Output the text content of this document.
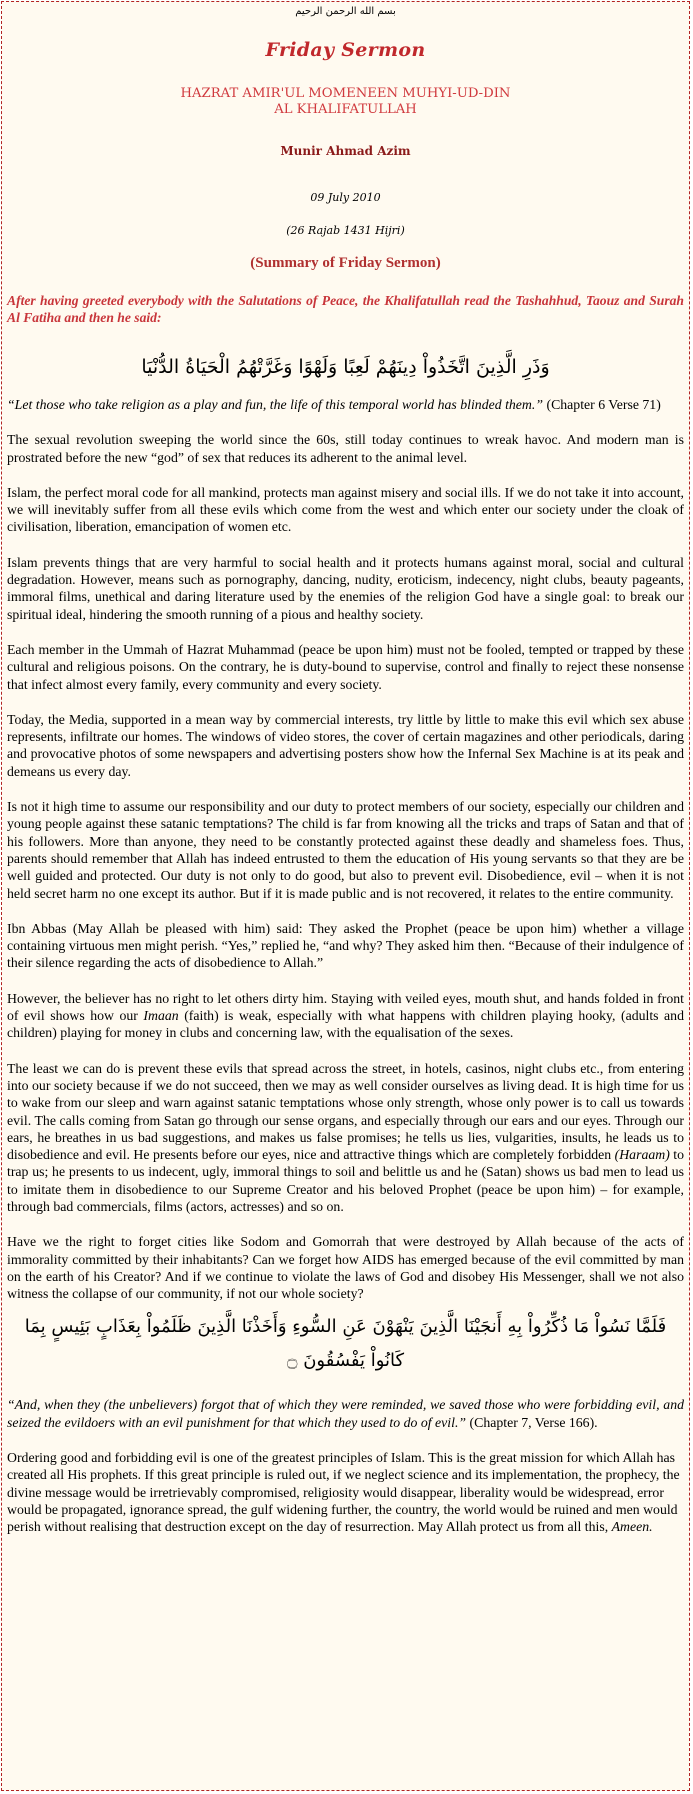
بسم الله الرحمن الرحيم
Friday Sermon
HAZRAT AMIR'UL MOMENEEN MUHYI-UD-DIN
AL KHALIFATULLAH
Munir Ahmad Azim
09 July 2010
(26 Rajab 1431 Hijri)
(Summary of Friday Sermon)
After having greeted everybody with the Salutations of Peace, the Khalifatullah read the Tashahhud, Taouz and Surah Al Fatiha and then he said:
وَذَرِ الَّذِينَ اتَّخَذُواْ دِينَهُمْ لَعِبًا وَلَهْوًا وَغَرَّتْهُمُ الْحَيَاةُ الدُّنْيَا
“Let those who take religion as a play and fun, the life of this temporal world has blinded them.” (Chapter 6 Verse 71)
The sexual revolution sweeping the world since the 60s, still today continues to wreak havoc. And modern man is prostrated before the new “god” of sex that reduces its adherent to the animal level.
Islam, the perfect moral code for all mankind, protects man against misery and social ills. If we do not take it into account, we will inevitably suffer from all these evils which come from the west and which enter our society under the cloak of civilisation, liberation, emancipation of women etc.
Islam prevents things that are very harmful to social health and it protects humans against moral, social and cultural degradation. However, means such as pornography, dancing, nudity, eroticism, indecency, night clubs, beauty pageants, immoral films, unethical and daring literature used by the enemies of the religion God have a single goal: to break our spiritual ideal, hindering the smooth running of a pious and healthy society.
Each member in the Ummah of Hazrat Muhammad (peace be upon him) must not be fooled, tempted or trapped by these cultural and religious poisons. On the contrary, he is duty-bound to supervise, control and finally to reject these nonsense that infect almost every family, every community and every society.
Today, the Media, supported in a mean way by commercial interests, try little by little to make this evil which sex abuse represents, infiltrate our homes. The windows of video stores, the cover of certain magazines and other periodicals, daring and provocative photos of some newspapers and advertising posters show how the Infernal Sex Machine is at its peak and demeans us every day.
Is not it high time to assume our responsibility and our duty to protect members of our society, especially our children and young people against these satanic temptations? The child is far from knowing all the tricks and traps of Satan and that of his followers. More than anyone, they need to be constantly protected against these deadly and shameless foes. Thus, parents should remember that Allah has indeed entrusted to them the education of His young servants so that they are be well guided and protected. Our duty is not only to do good, but also to prevent evil. Disobedience, evil – when it is not held secret harm no one except its author. But if it is made public and is not recovered, it relates to the entire community.
Ibn Abbas (May Allah be pleased with him) said: They asked the Prophet (peace be upon him) whether a village containing virtuous men might perish. “Yes,” replied he, “and why? They asked him then. “Because of their indulgence of their silence regarding the acts of disobedience to Allah.”
However, the believer has no right to let others dirty him. Staying with veiled eyes, mouth shut, and hands folded in front of evil shows how our Imaan (faith) is weak, especially with what happens with children playing hooky, (adults and children) playing for money in clubs and concerning law, with the equalisation of the sexes.
The least we can do is prevent these evils that spread across the street, in hotels, casinos, night clubs etc., from entering into our society because if we do not succeed, then we may as well consider ourselves as living dead. It is high time for us to wake from our sleep and warn against satanic temptations whose only strength, whose only power is to call us towards evil. The calls coming from Satan go through our sense organs, and especially through our ears and our eyes. Through our ears, he breathes in us bad suggestions, and makes us false promises; he tells us lies, vulgarities, insults, he leads us to disobedience and evil. He presents before our eyes, nice and attractive things which are completely forbidden (Haraam) to trap us; he presents to us indecent, ugly, immoral things to soil and belittle us and he (Satan) shows us bad men to lead us to imitate them in disobedience to our Supreme Creator and his beloved Prophet (peace be upon him) – for example, through bad commercials, films (actors, actresses) and so on.
Have we the right to forget cities like Sodom and Gomorrah that were destroyed by Allah because of the acts of immorality committed by their inhabitants? Can we forget how AIDS has emerged because of the evil committed by man on the earth of his Creator? And if we continue to violate the laws of God and disobey His Messenger, shall we not also witness the collapse of our community, if not our whole society?
فَلَمَّا نَسُواْ مَا ذُكِّرُواْ بِهِ أَنجَيْنَا الَّذِينَ يَنْهَوْنَ عَنِ السُّوءِ وَأَخَذْنَا الَّذِينَ ظَلَمُواْ بِعَذَابٍ بَئِيسٍ بِمَا كَانُواْ يَفْسُقُونَ ۝
“And, when they (the unbelievers) forgot that of which they were reminded, we saved those who were forbidding evil, and seized the evildoers with an evil punishment for that which they used to do of evil.” (Chapter 7, Verse 166).
Ordering good and forbidding evil is one of the greatest principles of Islam. This is the great mission for which Allah has created all His prophets. If this great principle is ruled out, if we neglect science and its implementation, the prophecy, the divine message would be irretrievably compromised, religiosity would disappear, liberality would be widespread, error would be propagated, ignorance spread, the gulf widening further, the country, the world would be ruined and men would perish without realising that destruction except on the day of resurrection. May Allah protect us from all this, Ameen.
